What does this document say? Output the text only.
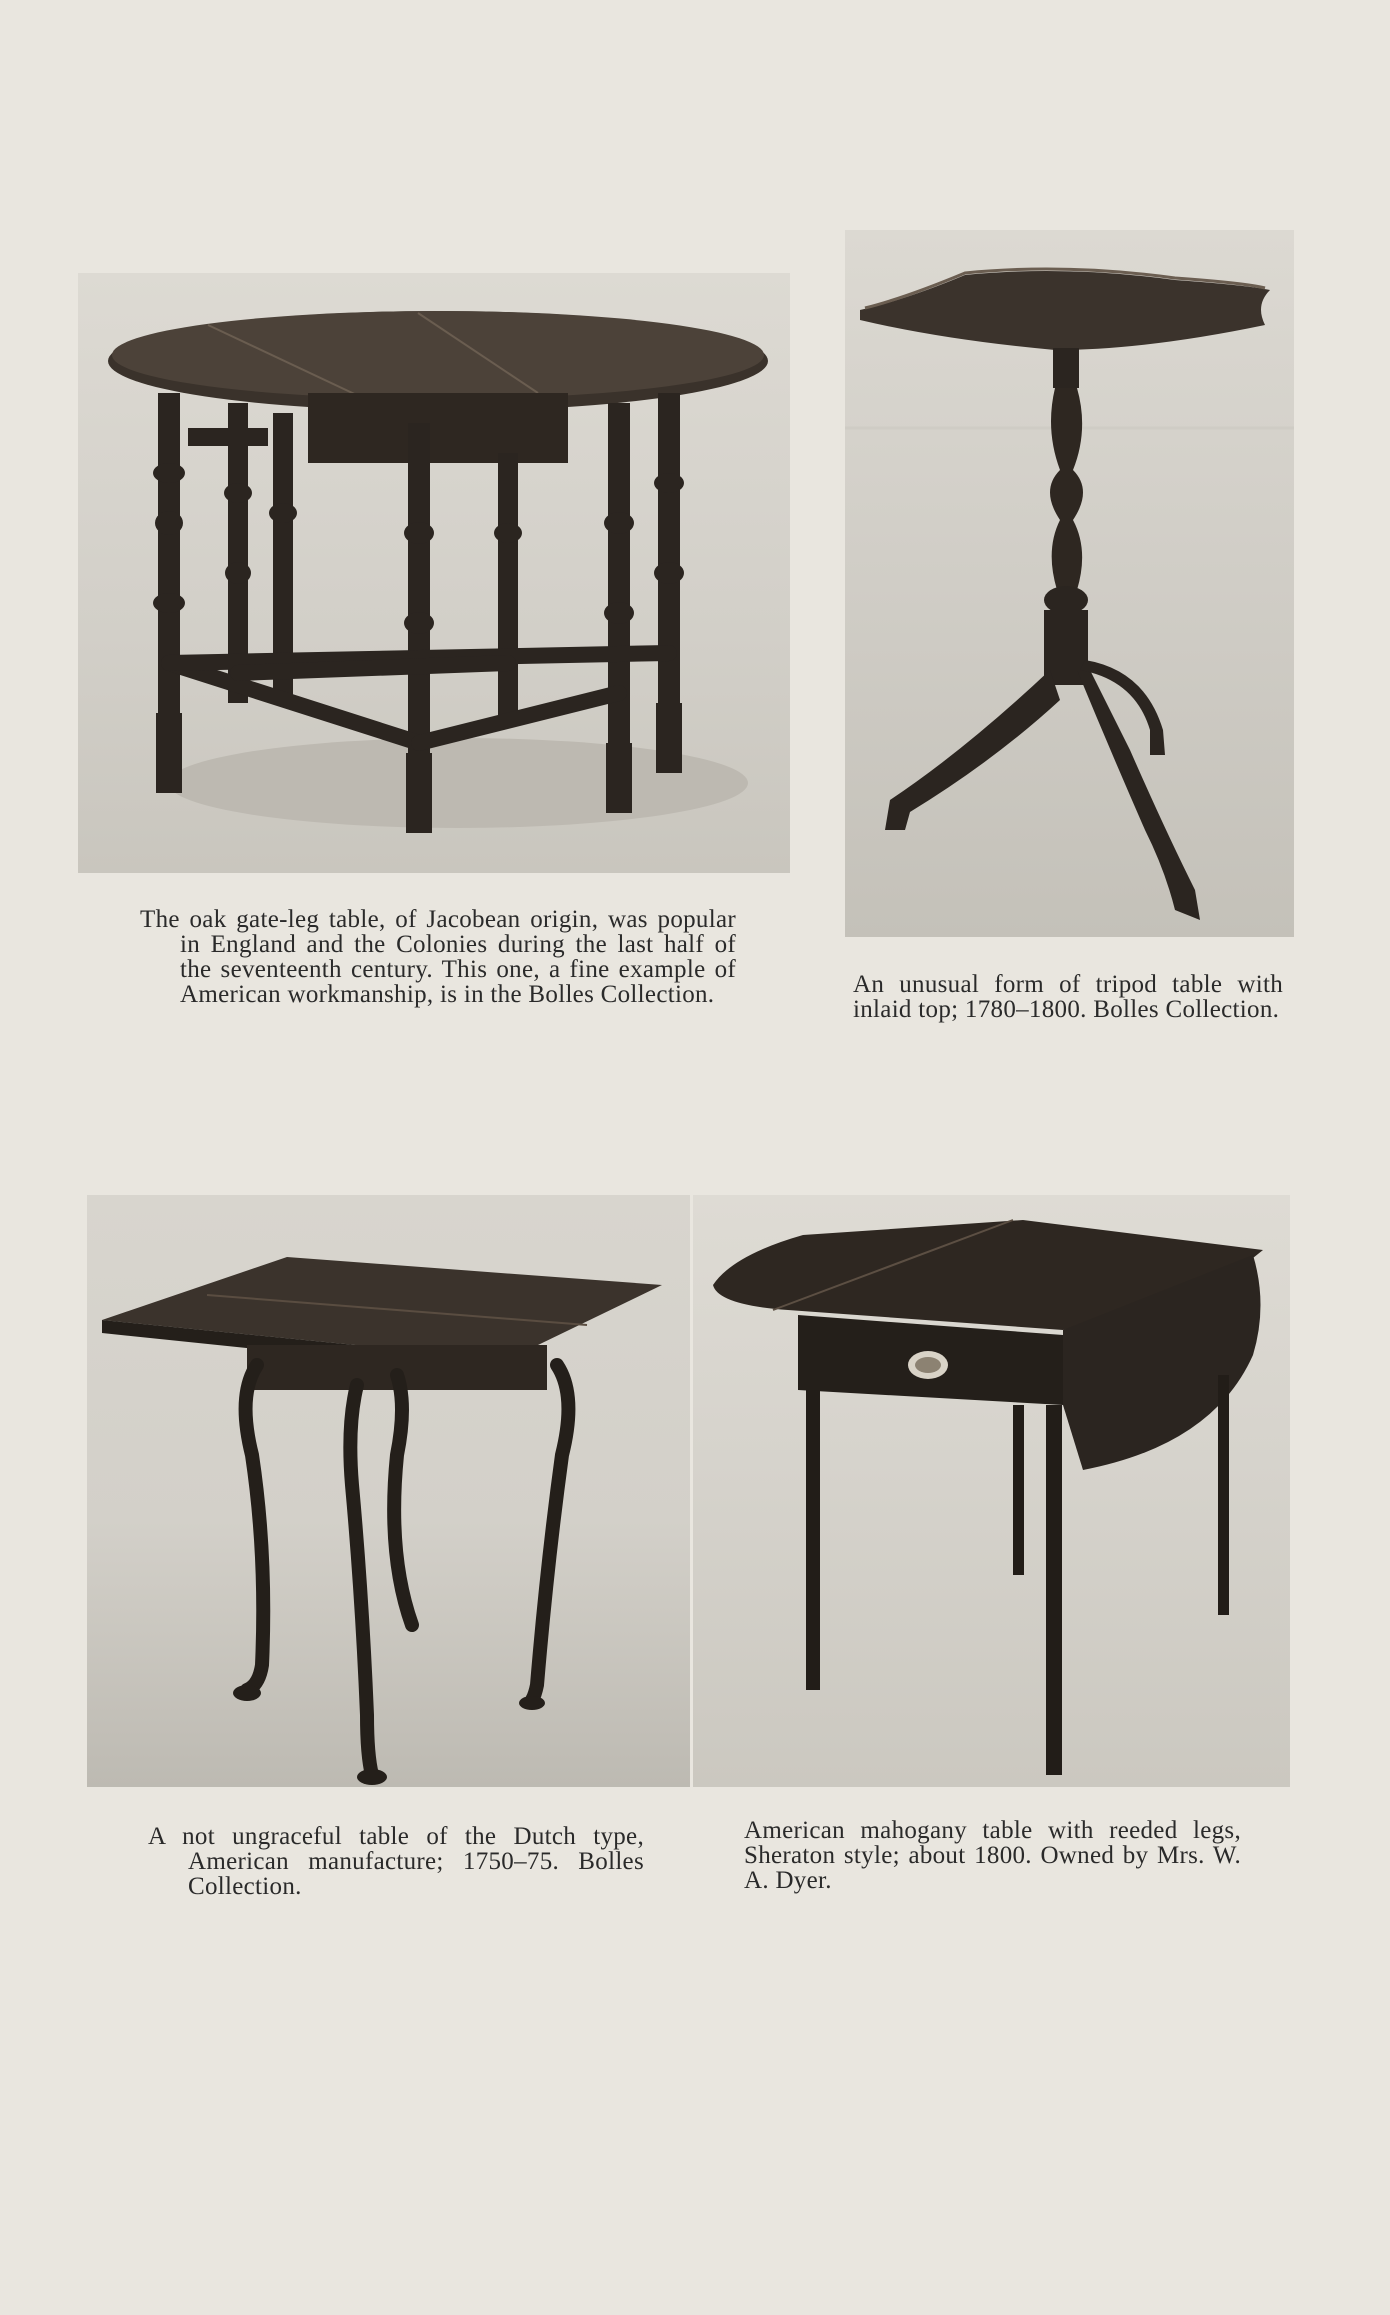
The oak gate-leg table, of Jacobean origin, was popular in England and the Colonies during the last half of the seventeenth century. This one, a fine example of American workmanship, is in the Bolles Collection.	An unusual form of tripod table with inlaid top; 1780–1800. Bolles Collection.
A not ungraceful table of the Dutch type, American manufacture; 1750–75. Bolles Collection.
American mahogany table with reeded legs, Sheraton style; about 1800. Owned by Mrs. W. A. Dyer.
